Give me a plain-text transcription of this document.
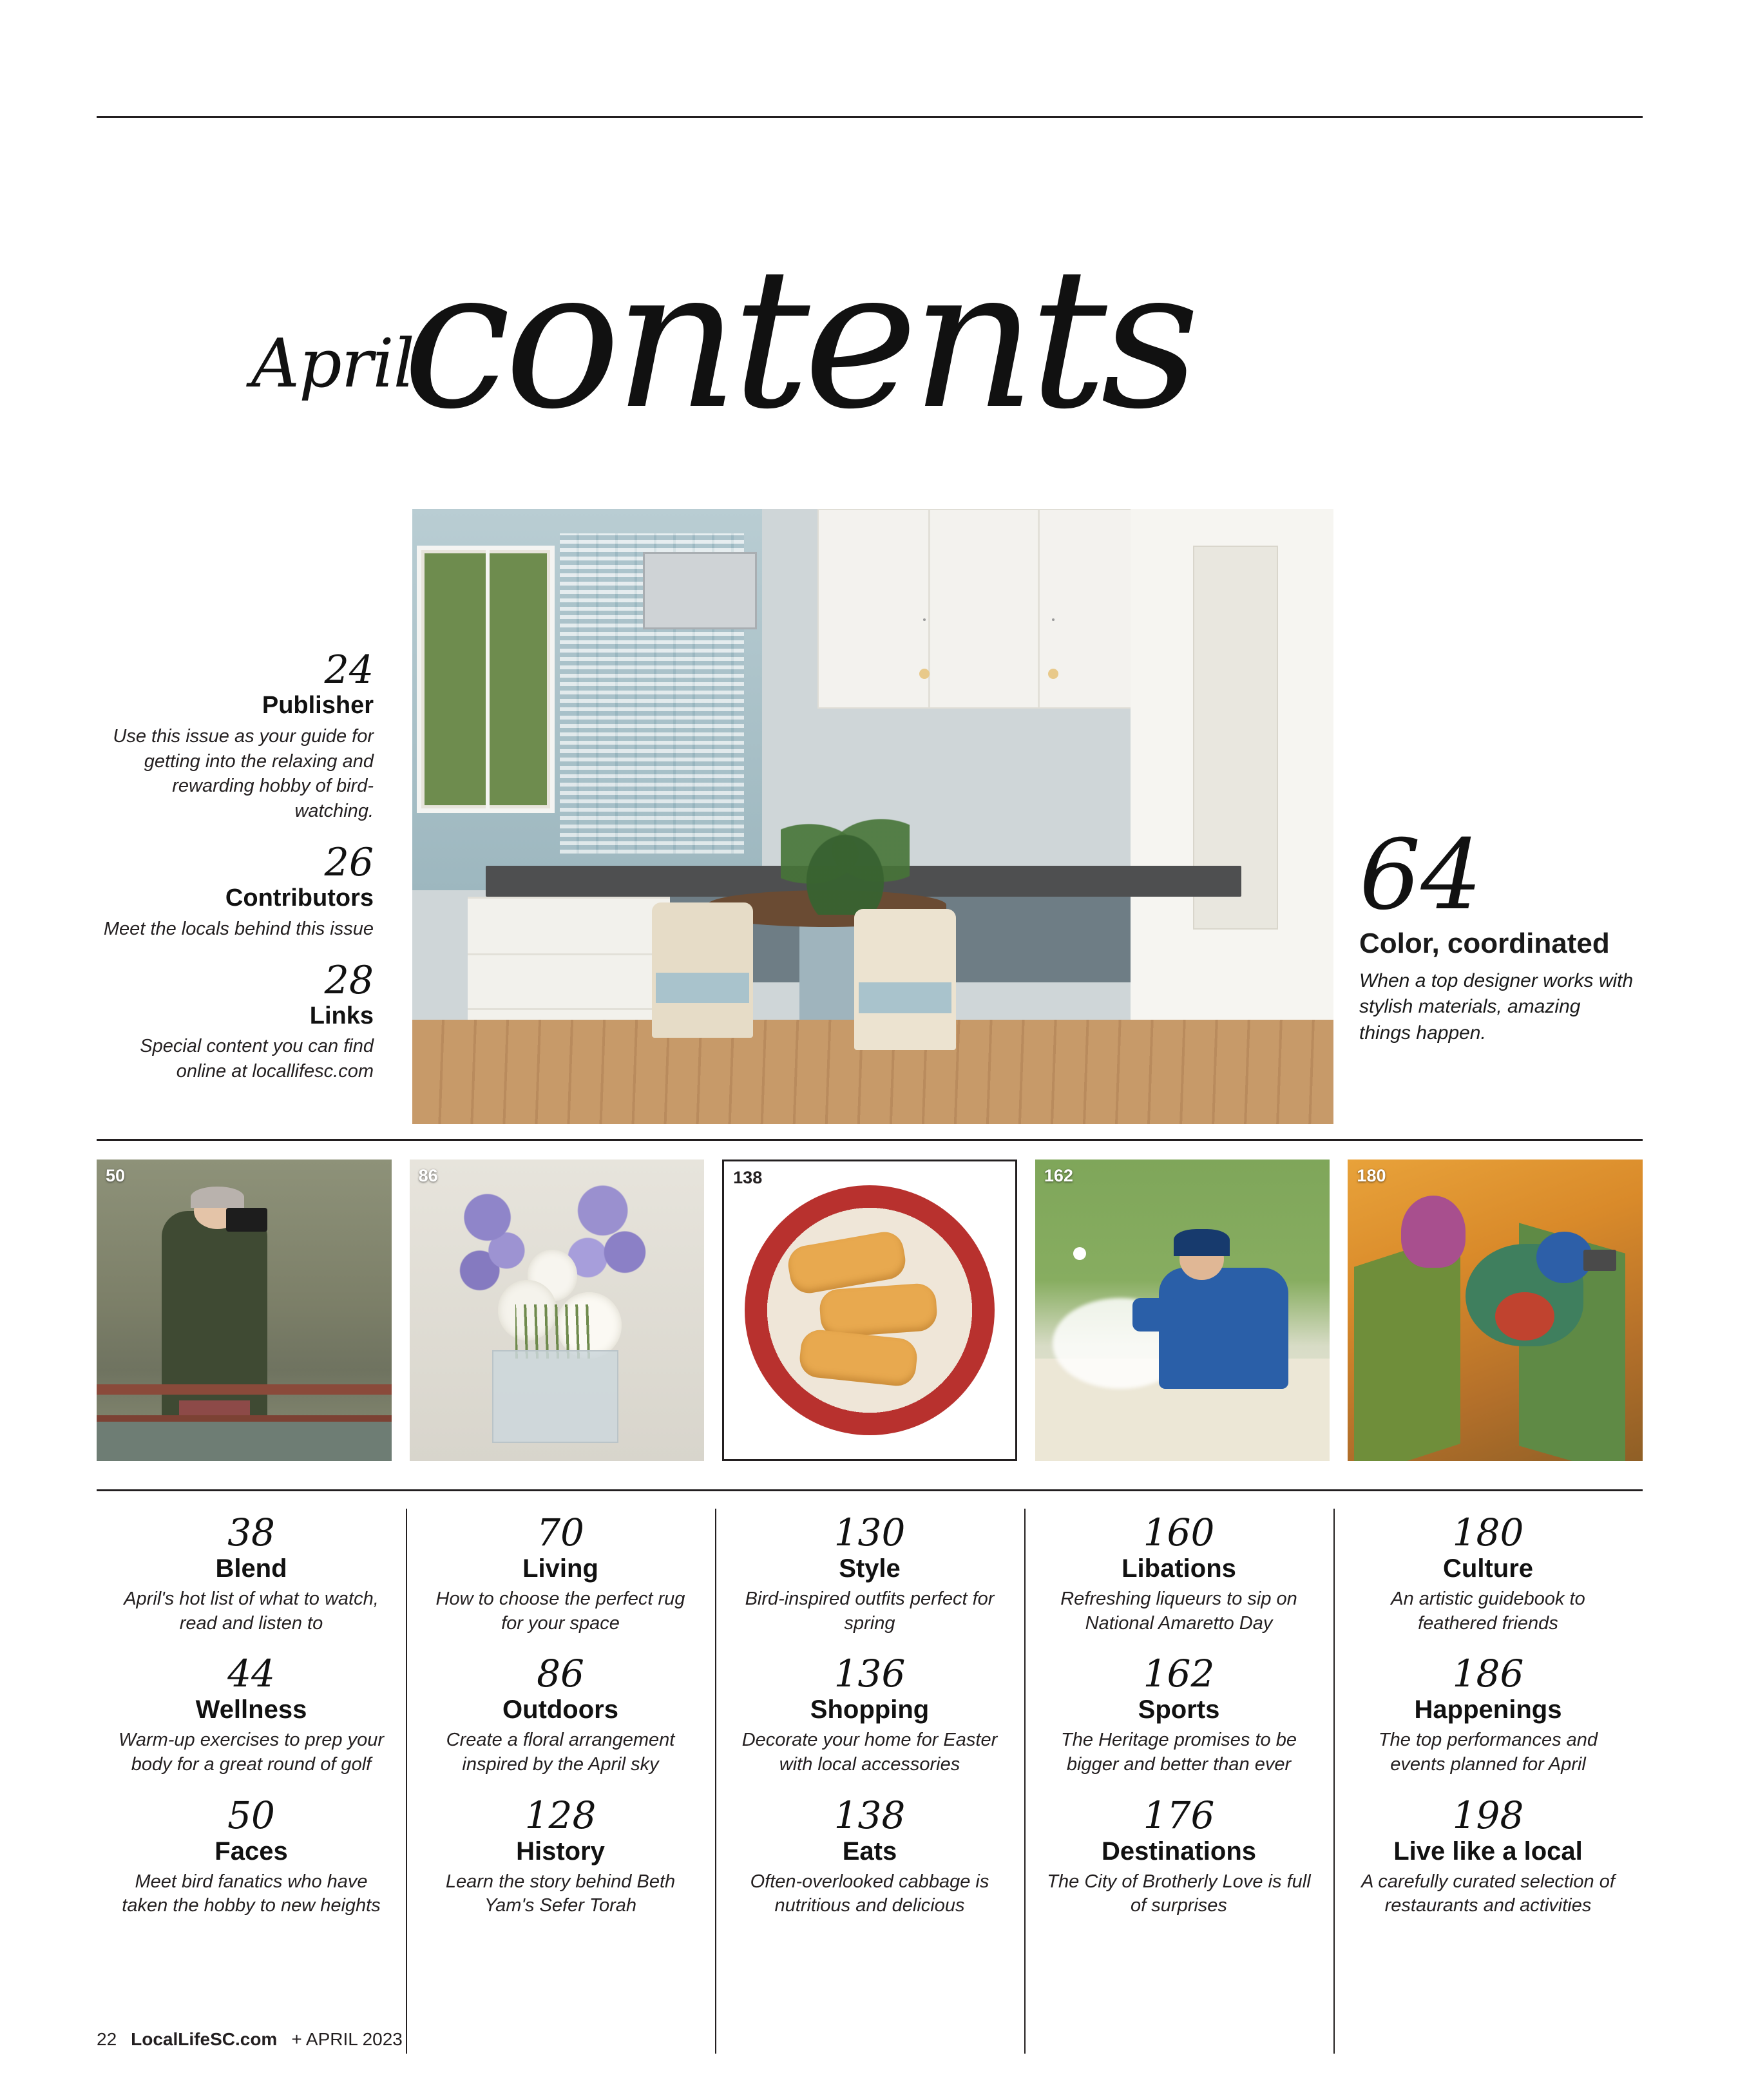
April
contents
24
Publisher
Use this issue as your guide for getting into the relaxing and rewarding hobby of bird-watching.
26
Contributors
Meet the locals behind this issue
28
Links
Special content you can find online at locallifesc.com
64
Color, coordinated
When a top designer works with stylish materials, amazing things happen.
50	86	138	162	180
38
Blend
April's hot list of what to watch, read and listen to
44
Wellness
Warm-up exercises to prep your body for a great round of golf
50
Faces
Meet bird fanatics who have taken the hobby to new heights
70
Living
How to choose the perfect rug for your space
86
Outdoors
Create a floral arrangement inspired by the April sky
128
History
Learn the story behind Beth Yam's Sefer Torah
130
Style
Bird-inspired outfits perfect for spring
136
Shopping
Decorate your home for Easter with local accessories
138
Eats
Often-overlooked cabbage is nutritious and delicious
160
Libations
Refreshing liqueurs to sip on National Amaretto Day
162
Sports
The Heritage promises to be bigger and better than ever
176
Destinations
The City of Brotherly Love is full of surprises
180
Culture
An artistic guidebook to feathered friends
186
Happenings
The top performances and events planned for April
198
Live like a local
A carefully curated selection of restaurants and activities
22 LocalLifeSC.com + APRIL 2023
